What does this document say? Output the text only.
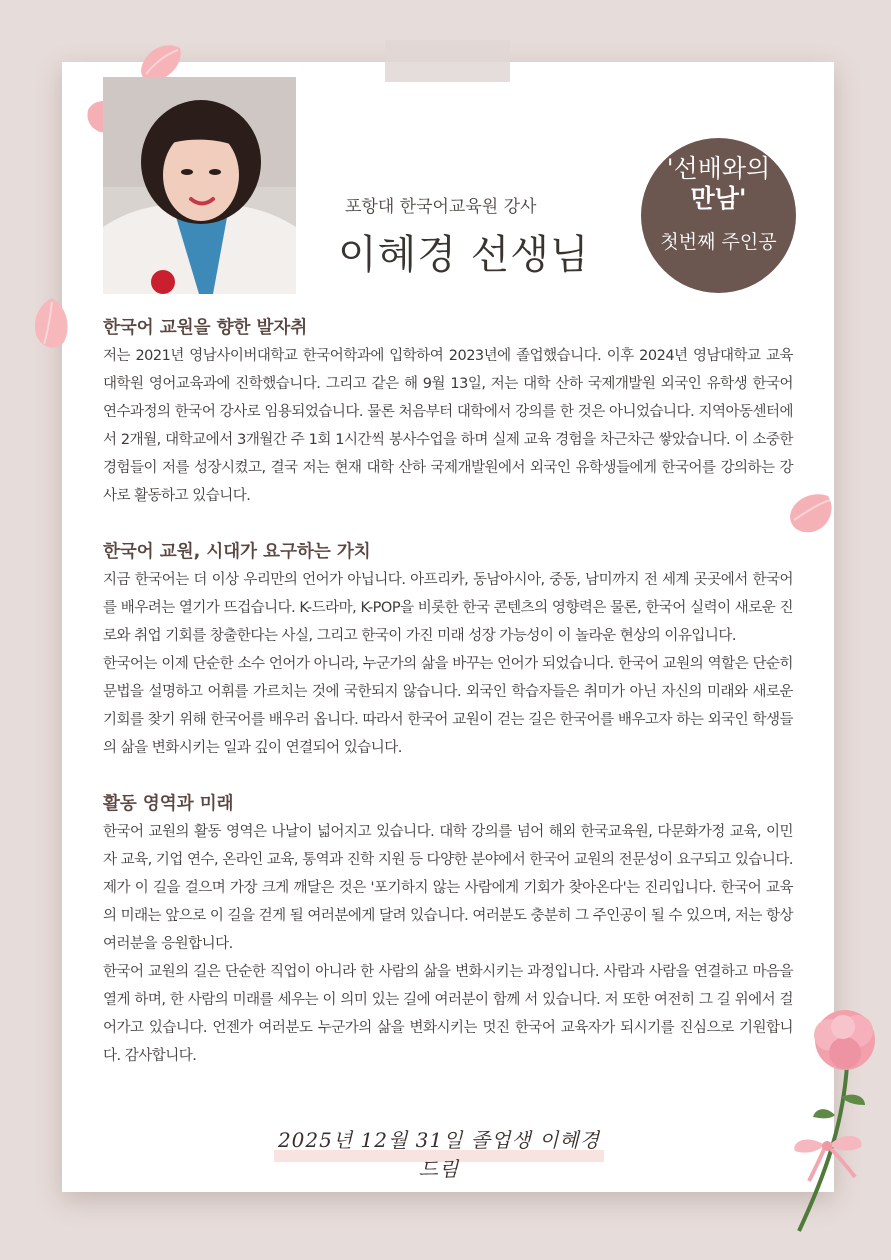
포항대 한국어교육원 강사
이혜경 선생님
'선배와의
만남'
첫번째 주인공

한국어 교원을 향한 발자취

저는 2021년 영남사이버대학교 한국어학과에 입학하여 2023년에 졸업했습니다. 이후 2024년 영남대학교 교육대학원 영어교육과에 진학했습니다. 그리고 같은 해 9월 13일, 저는 대학 산하 국제개발원 외국인 유학생 한국어 연수과정의 한국어 강사로 임용되었습니다. 물론 처음부터 대학에서 강의를 한 것은 아니었습니다. 지역아동센터에서 2개월, 대학교에서 3개월간 주 1회 1시간씩 봉사수업을 하며 실제 교육 경험을 차근차근 쌓았습니다. 이 소중한 경험들이 저를 성장시켰고, 결국 저는 현재 대학 산하 국제개발원에서 외국인 유학생들에게 한국어를 강의하는 강사로 활동하고 있습니다.

한국어 교원, 시대가 요구하는 가치

지금 한국어는 더 이상 우리만의 언어가 아닙니다. 아프리카, 동남아시아, 중동, 남미까지 전 세계 곳곳에서 한국어를 배우려는 열기가 뜨겁습니다. K-드라마, K-POP을 비롯한 한국 콘텐츠의 영향력은 물론, 한국어 실력이 새로운 진로와 취업 기회를 창출한다는 사실, 그리고 한국이 가진 미래 성장 가능성이 이 놀라운 현상의 이유입니다.

한국어는 이제 단순한 소수 언어가 아니라, 누군가의 삶을 바꾸는 언어가 되었습니다. 한국어 교원의 역할은 단순히 문법을 설명하고 어휘를 가르치는 것에 국한되지 않습니다. 외국인 학습자들은 취미가 아닌 자신의 미래와 새로운 기회를 찾기 위해 한국어를 배우러 옵니다. 따라서 한국어 교원이 걷는 길은 한국어를 배우고자 하는 외국인 학생들의 삶을 변화시키는 일과 깊이 연결되어 있습니다.

활동 영역과 미래

한국어 교원의 활동 영역은 나날이 넓어지고 있습니다. 대학 강의를 넘어 해외 한국교육원, 다문화가정 교육, 이민자 교육, 기업 연수, 온라인 교육, 통역과 진학 지원 등 다양한 분야에서 한국어 교원의 전문성이 요구되고 있습니다. 제가 이 길을 걸으며 가장 크게 깨달은 것은 '포기하지 않는 사람에게 기회가 찾아온다'는 진리입니다. 한국어 교육의 미래는 앞으로 이 길을 걷게 될 여러분에게 달려 있습니다. 여러분도 충분히 그 주인공이 될 수 있으며, 저는 항상 여러분을 응원합니다.

한국어 교원의 길은 단순한 직업이 아니라 한 사람의 삶을 변화시키는 과정입니다. 사람과 사람을 연결하고 마음을 열게 하며, 한 사람의 미래를 세우는 이 의미 있는 길에 여러분이 함께 서 있습니다. 저 또한 여전히 그 길 위에서 걸어가고 있습니다. 언젠가 여러분도 누군가의 삶을 변화시키는 멋진 한국어 교육자가 되시기를 진심으로 기원합니다. 감사합니다.

2025년 12월 31일 졸업생 이혜경 드림
